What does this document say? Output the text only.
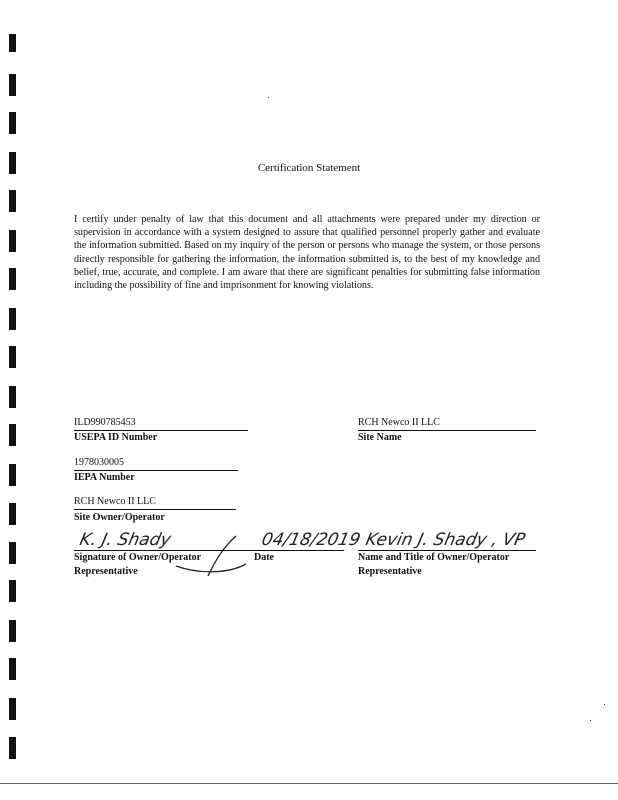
Certification Statement
I certify under penalty of law that this document and all attachments were prepared under my direction or supervision in accordance with a system designed to assure that qualified personnel properly gather and evaluate the information submitted. Based on my inquiry of the person or persons who manage the system, or those persons directly responsible for gathering the information, the information submitted is, to the best of my knowledge and belief, true, accurate, and complete. I am aware that there are significant penalties for submitting false information including the possibility of fine and imprisonment for knowing violations.
ILD990785453
USEPA ID Number
RCH Newco II LLC
Site Name
1978030005
IEPA Number
RCH Newco II LLC
Site Owner/Operator
K. J. Shady	04/18/2019 Kevin J. Shady , VP
Signature of Owner/Operator
Representative
Date	Name and Title of Owner/Operator
Representative
